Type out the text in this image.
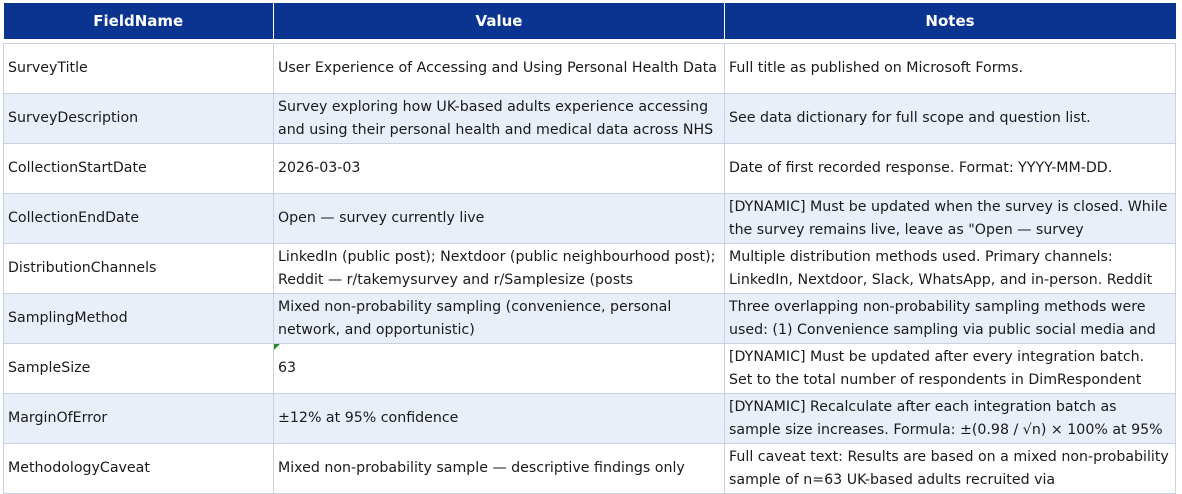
FieldName	Value	Notes

SurveyTitle	User Experience of Accessing and Using Personal Health Data	Full title as published on Microsoft Forms.

SurveyDescription	Survey exploring how UK-based adults experience accessing and using their personal health and medical data across NHS	See data dictionary for full scope and question list.

CollectionStartDate	2026-03-03	Date of first recorded response. Format: YYYY-MM-DD.

CollectionEndDate	Open — survey currently live	[DYNAMIC] Must be updated when the survey is closed. While the survey remains live, leave as "Open — survey

DistributionChannels	LinkedIn (public post); Nextdoor (public neighbourhood post); Reddit — r/takemysurvey and r/Samplesize (posts	Multiple distribution methods used. Primary channels: LinkedIn, Nextdoor, Slack, WhatsApp, and in-person. Reddit

SamplingMethod	Mixed non-probability sampling (convenience, personal network, and opportunistic)	Three overlapping non-probability sampling methods were used: (1) Convenience sampling via public social media and

SampleSize	63	[DYNAMIC] Must be updated after every integration batch. Set to the total number of respondents in DimRespondent

MarginOfError	±12% at 95% confidence	[DYNAMIC] Recalculate after each integration batch as sample size increases. Formula: ±(0.98 / √n) × 100% at 95%

MethodologyCaveat	Mixed non-probability sample — descriptive findings only	Full caveat text: Results are based on a mixed non-probability sample of n=63 UK-based adults recruited via
